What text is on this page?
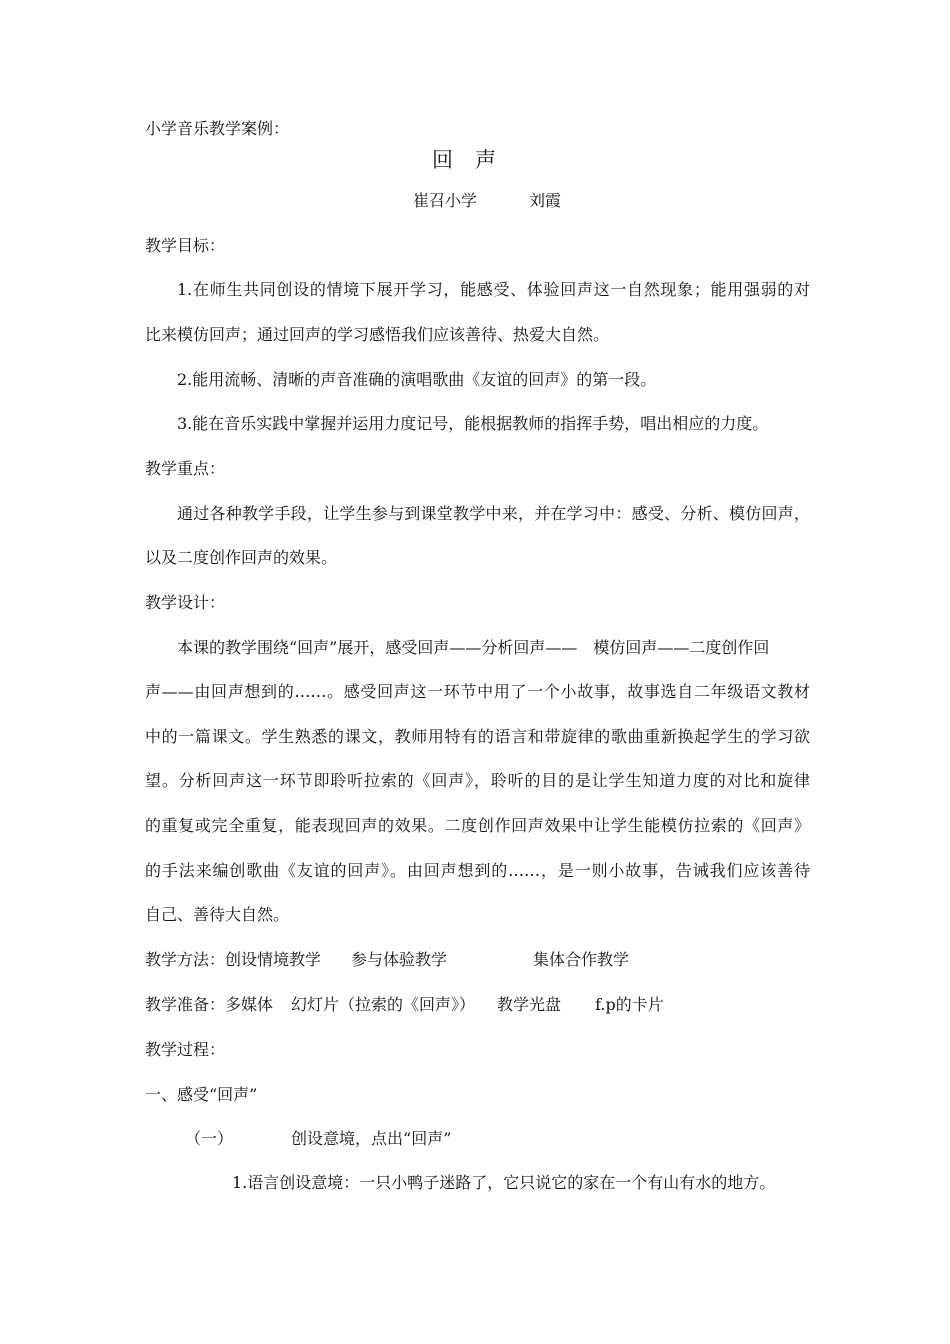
小学音乐教学案例：
回声
崔召小学	刘霞
教学目标：
1.在师生共同创设的情境下展开学习，能感受、体验回声这一自然现象；能用强弱的对
比来模仿回声；通过回声的学习感悟我们应该善待、热爱大自然。
2.能用流畅、清晰的声音准确的演唱歌曲《友谊的回声》的第一段。
3.能在音乐实践中掌握并运用力度记号，能根据教师的指挥手势，唱出相应的力度。
教学重点：
通过各种教学手段，让学生参与到课堂教学中来，并在学习中：感受、分析、模仿回声，
以及二度创作回声的效果。
教学设计：
本课的教学围绕“回声”展开，感受回声——分析回声—— 模仿回声——二度创作回
声——由回声想到的……。感受回声这一环节中用了一个小故事，故事选自二年级语文教材
中的一篇课文。学生熟悉的课文，教师用特有的语言和带旋律的歌曲重新换起学生的学习欲
望。分析回声这一环节即聆听拉索的《回声》，聆听的目的是让学生知道力度的对比和旋律
的重复或完全重复，能表现回声的效果。二度创作回声效果中让学生能模仿拉索的《回声》
的手法来编创歌曲《友谊的回声》。由回声想到的……，是一则小故事，告诫我们应该善待
自己、善待大自然。
教学方法：创设情境教学 参与体验教学	集体合作教学
教学准备：多媒体 幻灯片（拉索的《回声》） 教学光盘 f.p的卡片
教学过程：
一、感受“回声”
（一）	创设意境，点出“回声”
1.语言创设意境：一只小鸭子迷路了，它只说它的家在一个有山有水的地方。
